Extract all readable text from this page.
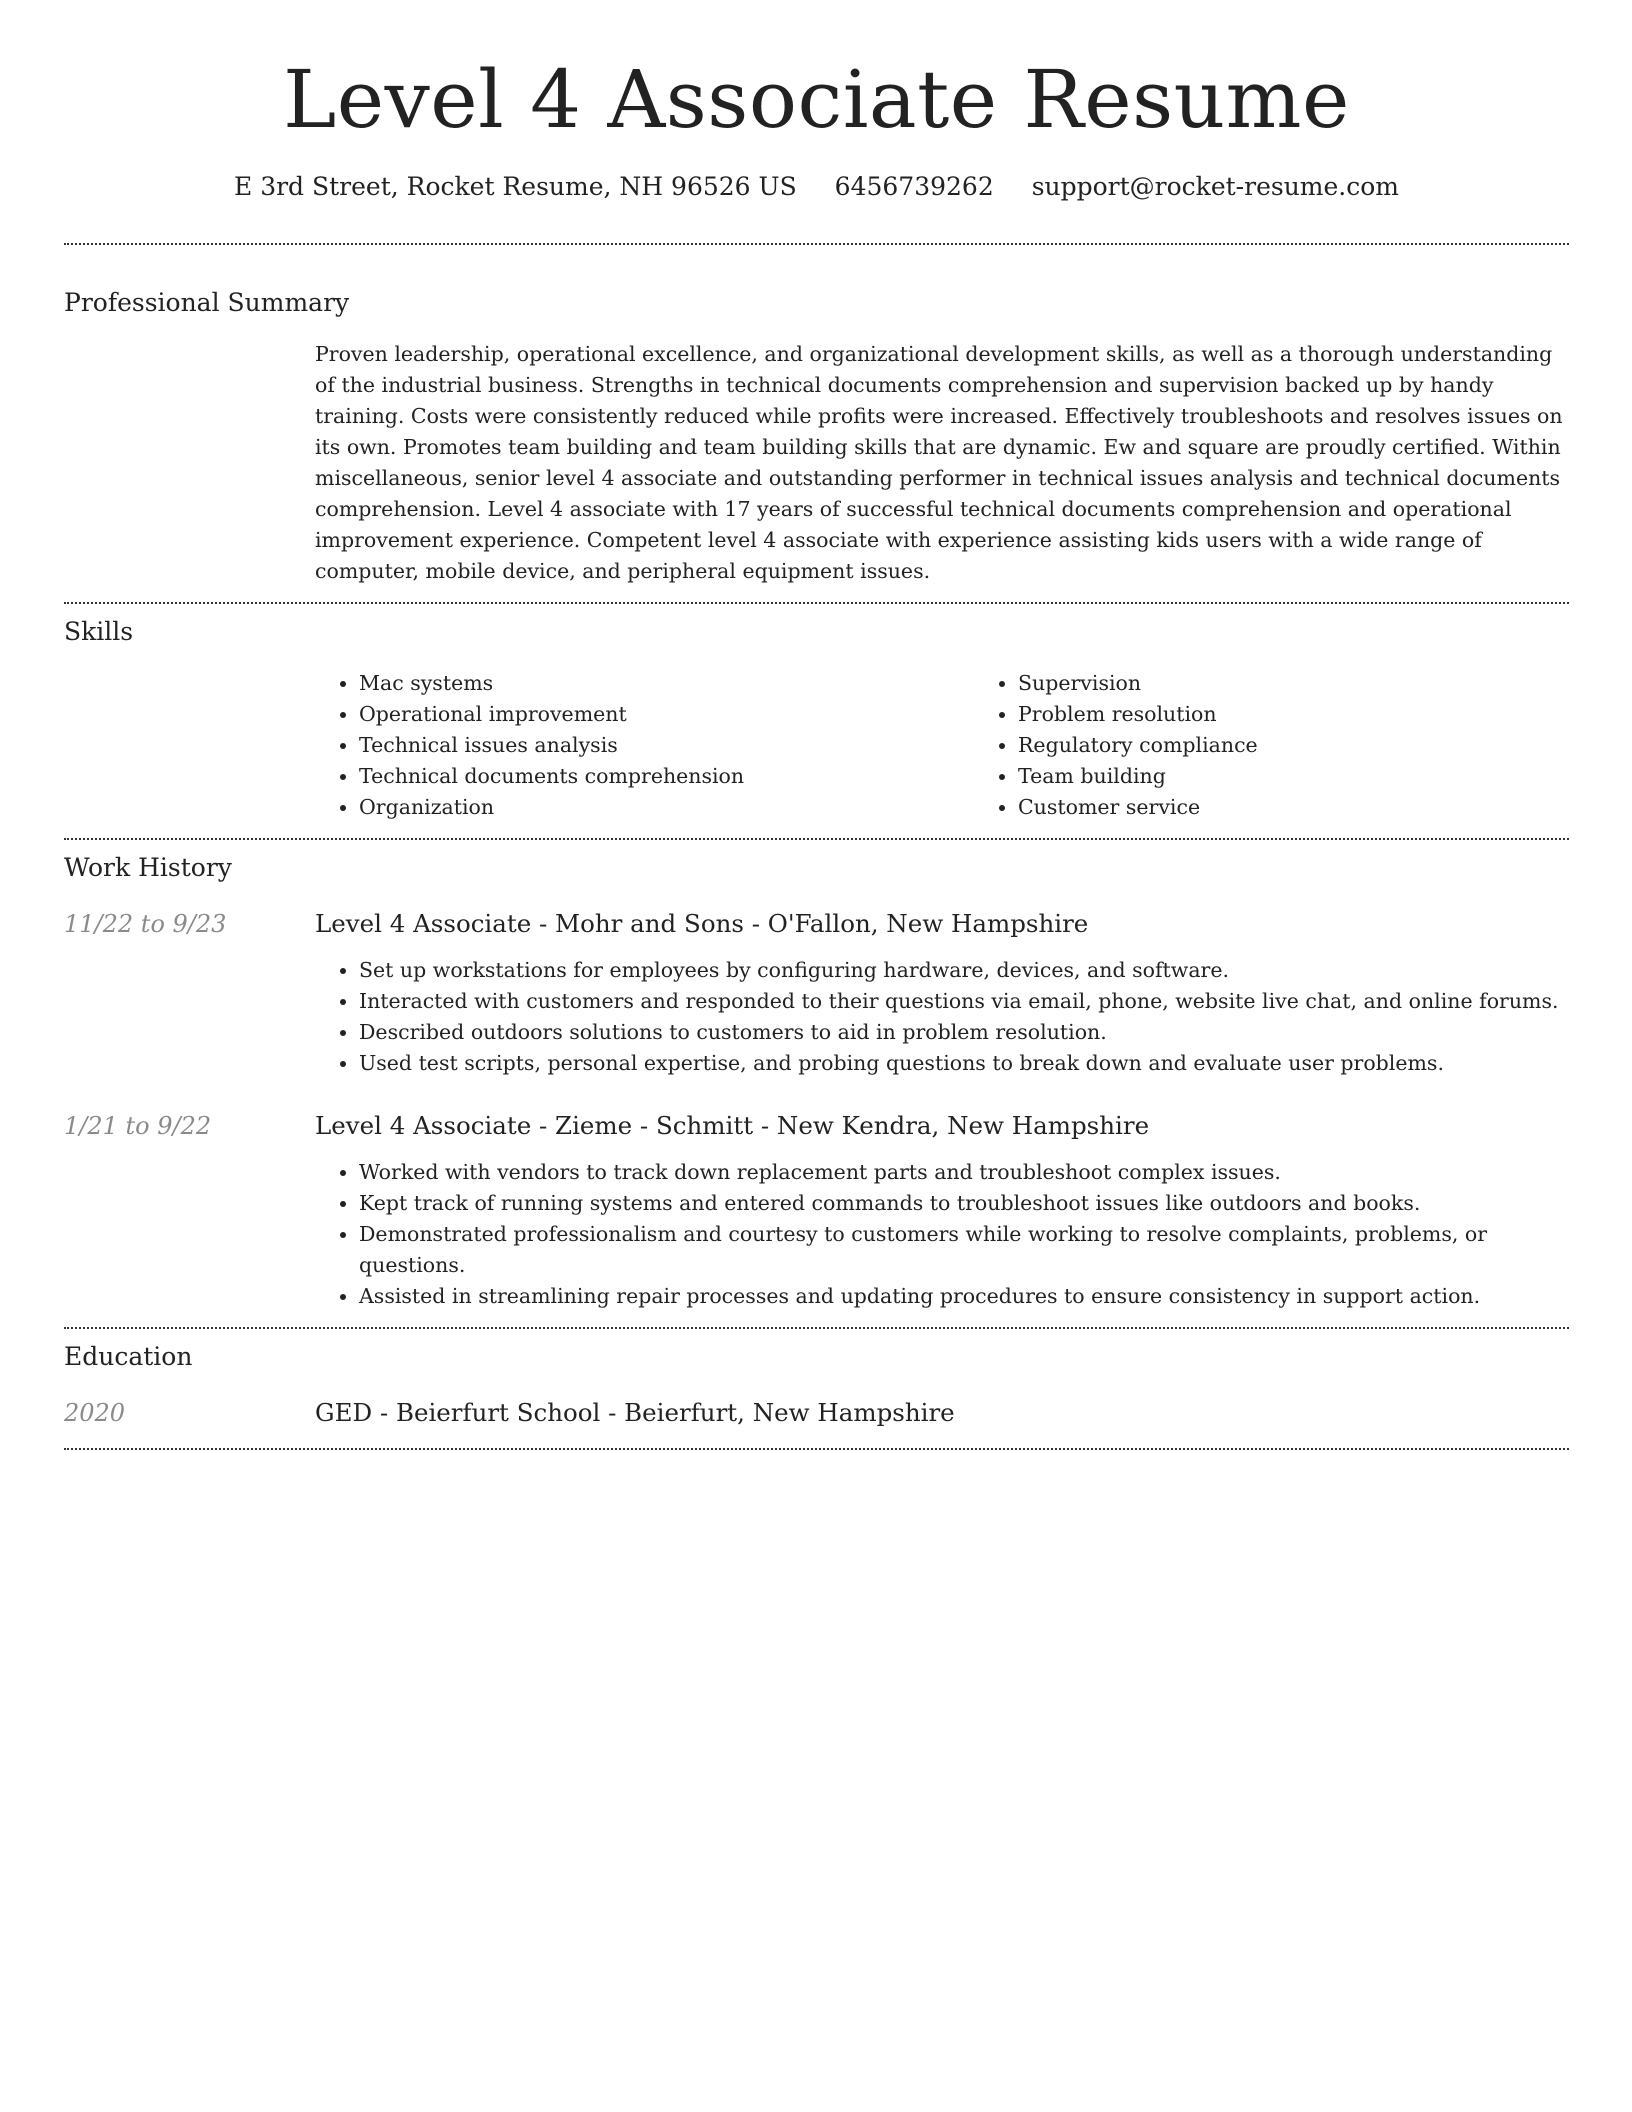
Level 4 Associate Resume
E 3rd Street, Rocket Resume, NH 96526 US 6456739262 support@rocket-resume.com
Professional Summary

Proven leadership, operational excellence, and organizational development skills, as well as a thorough understanding of the industrial business. Strengths in technical documents comprehension and supervision backed up by handy training. Costs were consistently reduced while profits were increased. Effectively troubleshoots and resolves issues on its own. Promotes team building and team building skills that are dynamic. Ew and square are proudly certified. Within miscellaneous, senior level 4 associate and outstanding performer in technical issues analysis and technical documents comprehension. Level 4 associate with 17 years of successful technical documents comprehension and operational improvement experience. Competent level 4 associate with experience assisting kids users with a wide range of computer, mobile device, and peripheral equipment issues.

Skills
• Mac systems
• Operational improvement
• Technical issues analysis
• Technical documents comprehension
• Organization
• Supervision
• Problem resolution
• Regulatory compliance
• Team building
• Customer service
Work History
11/22 to 9/23	Level 4 Associate - Mohr and Sons - O'Fallon, New Hampshire
• Set up workstations for employees by configuring hardware, devices, and software.
• Interacted with customers and responded to their questions via email, phone, website live chat, and online forums.
• Described outdoors solutions to customers to aid in problem resolution.
• Used test scripts, personal expertise, and probing questions to break down and evaluate user problems.
1/21 to 9/22	Level 4 Associate - Zieme - Schmitt - New Kendra, New Hampshire
• Worked with vendors to track down replacement parts and troubleshoot complex issues.
• Kept track of running systems and entered commands to troubleshoot issues like outdoors and books.
• Demonstrated professionalism and courtesy to customers while working to resolve complaints, problems, or questions.
• Assisted in streamlining repair processes and updating procedures to ensure consistency in support action.
Education
2020	GED - Beierfurt School - Beierfurt, New Hampshire
